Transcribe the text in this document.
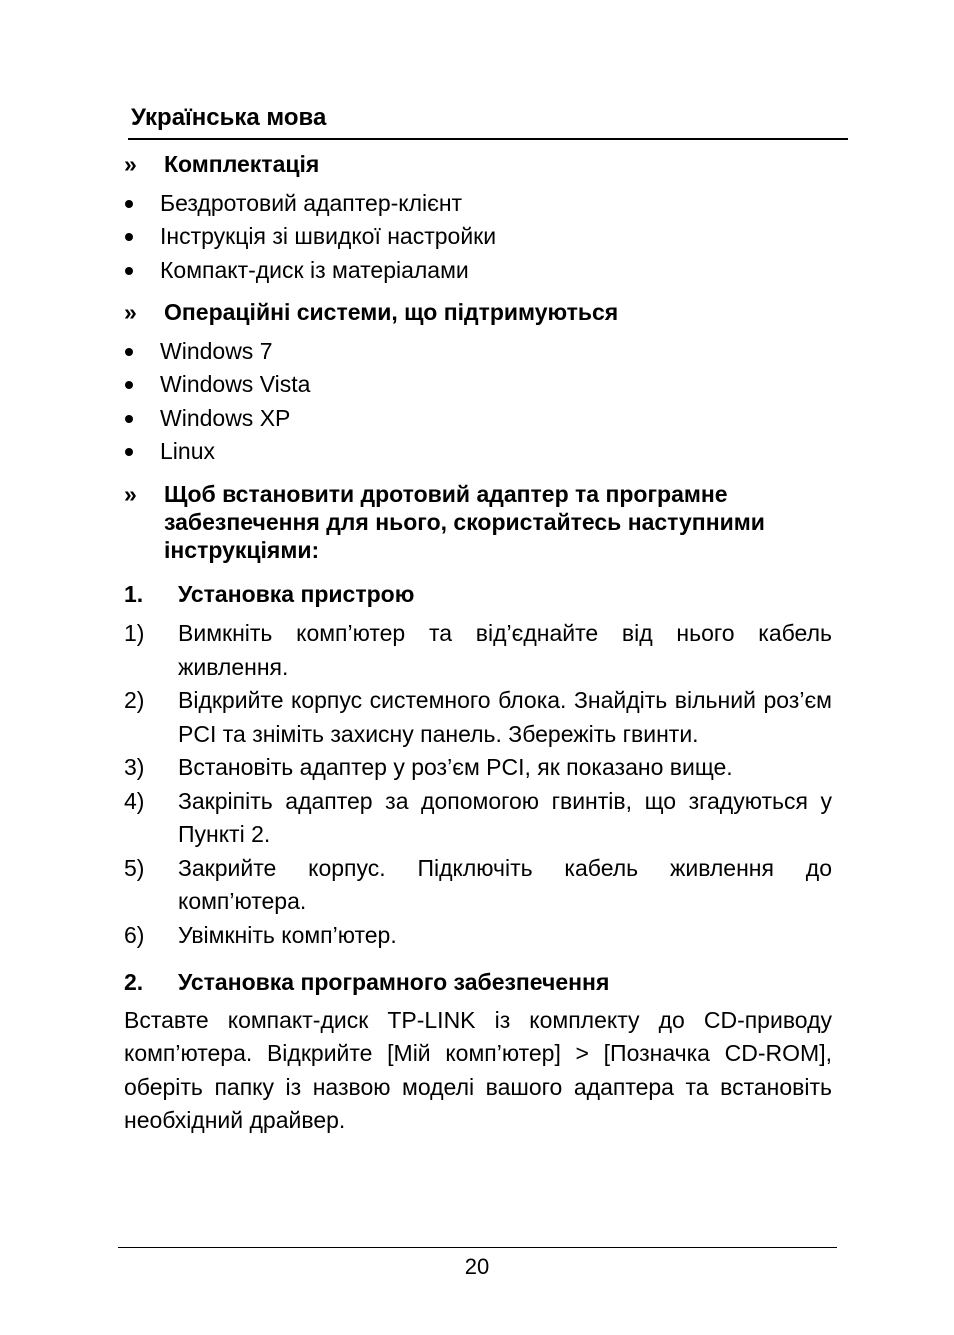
Українська мова
» Комплектація
Бездротовий адаптер-клієнт
Інструкція зі швидкої настройки
Компакт-диск із матеріалами
» Операційні системи, що підтримуються
Windows 7
Windows Vista
Windows XP
Linux
» Щоб встановити дротовий адаптер та програмне забезпечення для нього, скористайтесь наступними інструкціями:
1. Установка пристрою
1) Вимкніть комп’ютер та від’єднайте від нього кабель живлення.
2) Відкрийте корпус системного блока. Знайдіть вільний роз’єм PCI та зніміть захисну панель. Збережіть гвинти.
3) Встановіть адаптер у роз’єм PCI, як показано вище.
4) Закріпіть адаптер за допомогою гвинтів, що згадуються у Пункті 2.
5) Закрийте корпус. Підключіть кабель живлення до комп’ютера.
6) Увімкніть комп’ютер.
2. Установка програмного забезпечення
Вставте компакт-диск TP-LINK із комплекту до CD-приводу комп’ютера. Відкрийте [Мій комп’ютер] > [Позначка CD-ROM], оберіть папку із назвою моделі вашого адаптера та встановіть необхідний драйвер.
20
